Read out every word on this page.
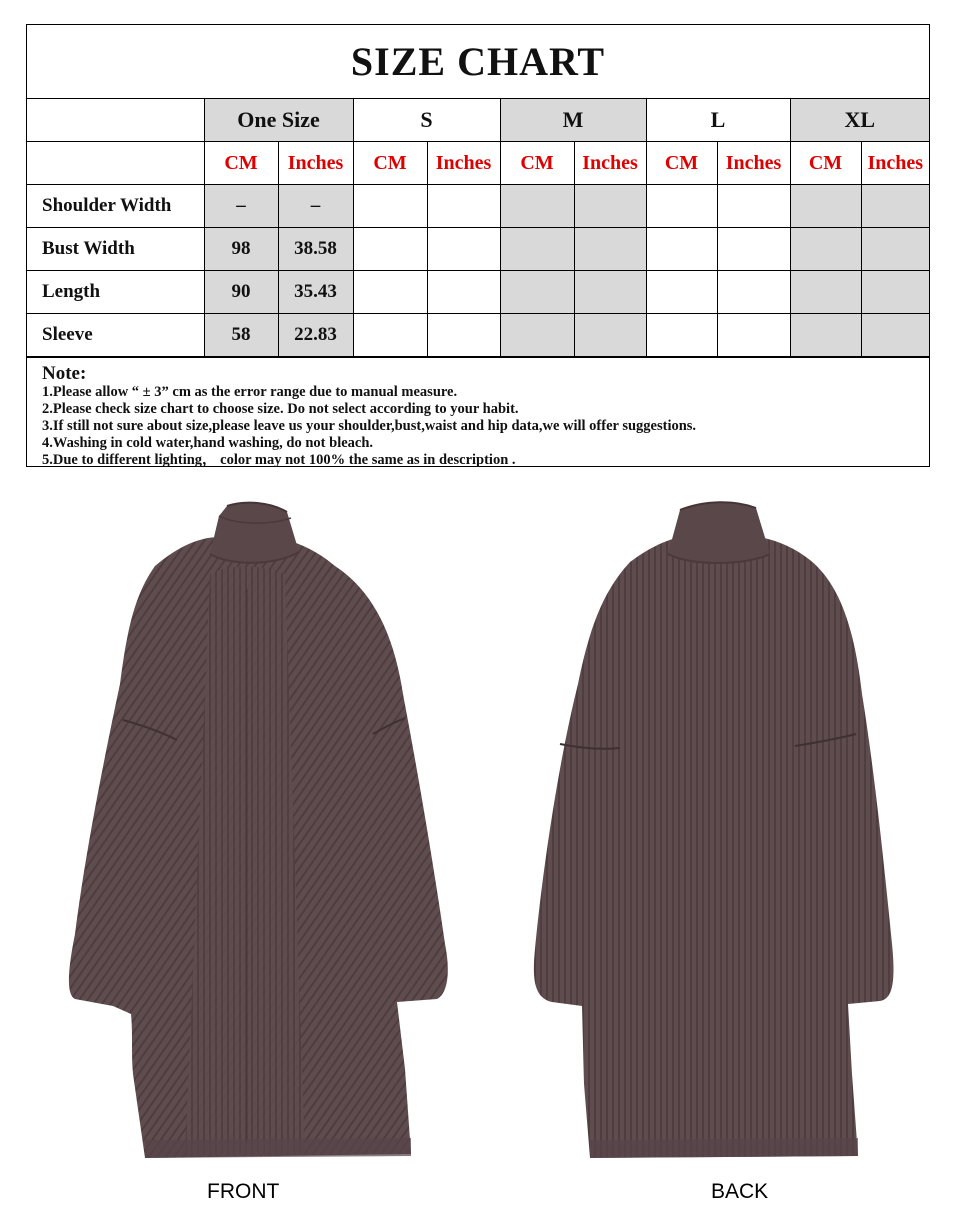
SIZE CHART
	One Size		S		M		L		XL	
	CM	Inches	CM	Inches	CM	Inches	CM	Inches	CM	Inches
Shoulder Width	–	–								
Bust Width	98	38.58								
Length	90	35.43								
Sleeve	58	22.83								
Note:
1.Please allow “ ± 3” cm as the error range due to manual measure.
2.Please check size chart to choose size. Do not select according to your habit.
3.If still not sure about size,please leave us your shoulder,bust,waist and hip data,we will offer suggestions.
4.Washing in cold water,hand washing, do not bleach.
5.Due to different lighting， color may not 100% the same as in description .
FRONT	BACK
